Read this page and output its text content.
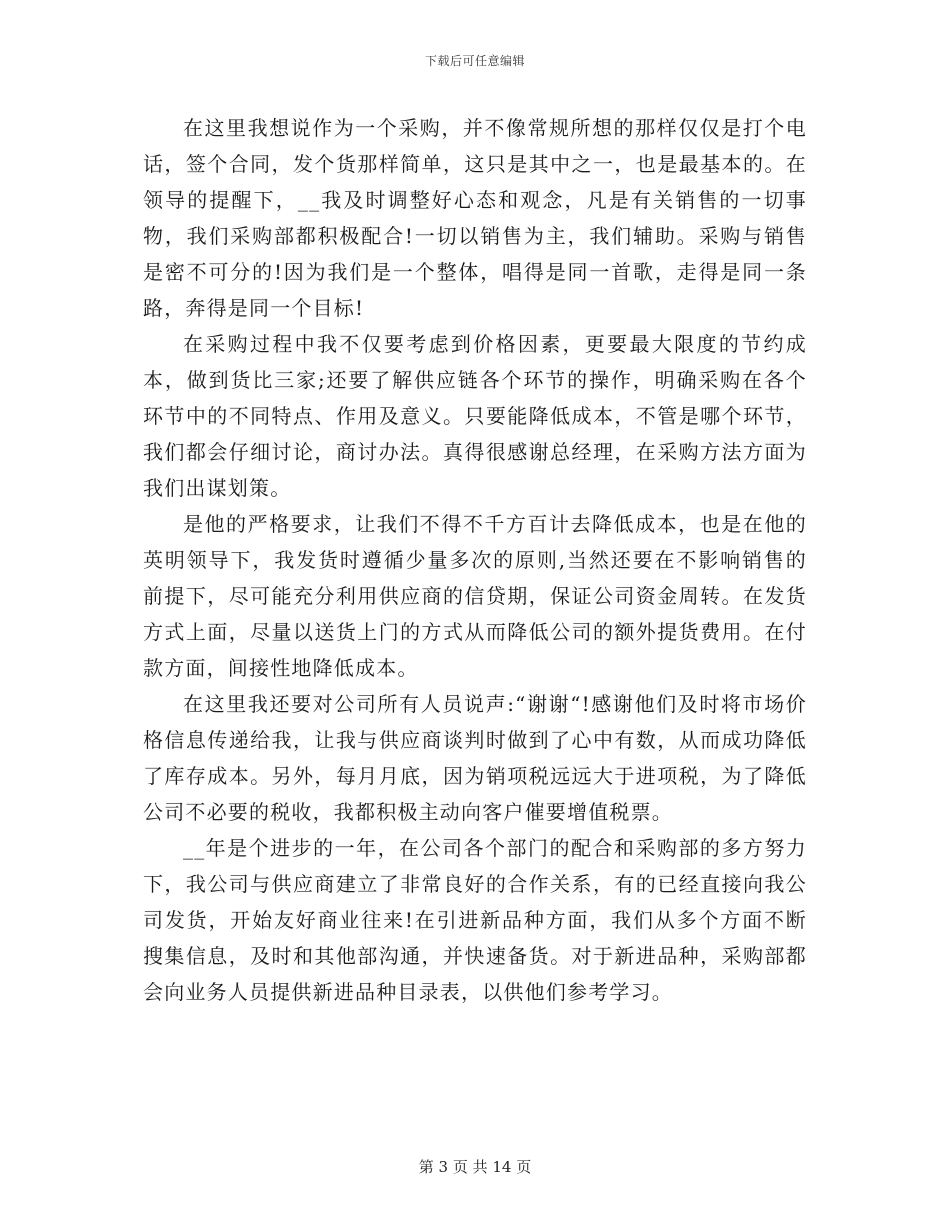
下载后可任意编辑

在这里我想说作为一个采购，并不像常规所想的那样仅仅是打个电话，签个合同，发个货那样简单，这只是其中之一，也是最基本的。在领导的提醒下，__我及时调整好心态和观念，凡是有关销售的一切事物，我们采购部都积极配合!一切以销售为主，我们辅助。采购与销售是密不可分的!因为我们是一个整体，唱得是同一首歌，走得是同一条路，奔得是同一个目标!

在采购过程中我不仅要考虑到价格因素，更要最大限度的节约成本，做到货比三家;还要了解供应链各个环节的操作，明确采购在各个环节中的不同特点、作用及意义。只要能降低成本，不管是哪个环节，我们都会仔细讨论，商讨办法。真得很感谢总经理，在采购方法方面为我们出谋划策。

是他的严格要求，让我们不得不千方百计去降低成本，也是在他的英明领导下，我发货时遵循少量多次的原则,当然还要在不影响销售的前提下，尽可能充分利用供应商的信贷期，保证公司资金周转。在发货方式上面，尽量以送货上门的方式从而降低公司的额外提货费用。在付款方面，间接性地降低成本。

在这里我还要对公司所有人员说声:“谢谢“!感谢他们及时将市场价格信息传递给我，让我与供应商谈判时做到了心中有数，从而成功降低了库存成本。另外，每月月底，因为销项税远远大于进项税，为了降低公司不必要的税收，我都积极主动向客户催要增值税票。

__年是个进步的一年，在公司各个部门的配合和采购部的多方努力下，我公司与供应商建立了非常良好的合作关系，有的已经直接向我公司发货，开始友好商业往来!在引进新品种方面，我们从多个方面不断搜集信息，及时和其他部沟通，并快速备货。对于新进品种，采购部都会向业务人员提供新进品种目录表，以供他们参考学习。

第 3 页 共 14 页
